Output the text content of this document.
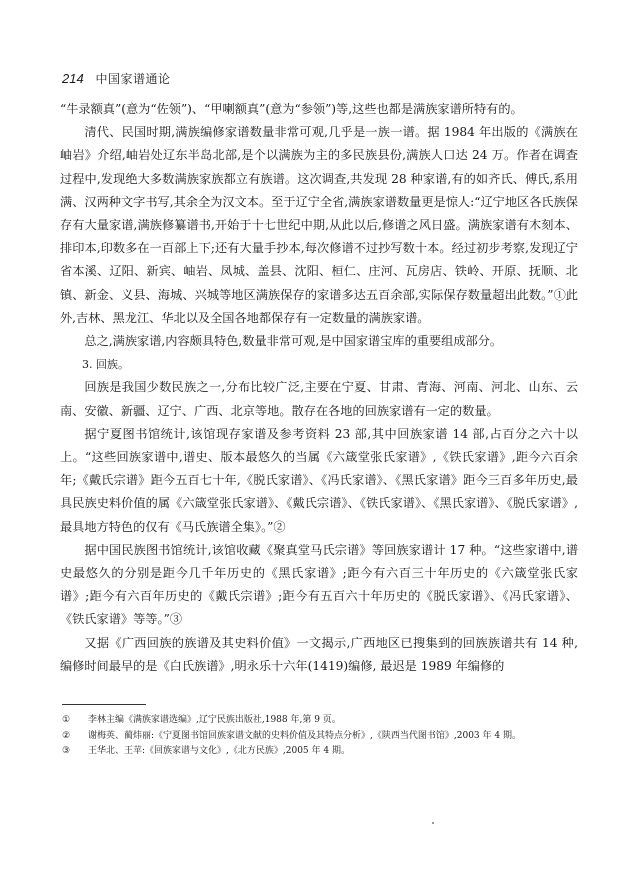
214 中国家谱通论

“牛录额真”(意为“佐领”)、“甲喇额真”(意为“参领”)等,这些也都是满族家谱所特有的。

清代、民国时期,满族编修家谱数量非常可观,几乎是一族一谱。据 1984 年出版的《满族在岫岩》介绍,岫岩处辽东半岛北部,是个以满族为主的多民族县份,满族人口达 24 万。作者在调查过程中,发现绝大多数满族家族都立有族谱。这次调查,共发现 28 种家谱,有的如齐氏、傅氏,系用满、汉两种文字书写,其余全为汉文本。至于辽宁全省,满族家谱数量更是惊人:“辽宁地区各氏族保存有大量家谱,满族修纂谱书,开始于十七世纪中期,从此以后,修谱之风日盛。满族家谱有木刻本、排印本,印数多在一百部上下;还有大量手抄本,每次修谱不过抄写数十本。经过初步考察,发现辽宁省本溪、辽阳、新宾、岫岩、凤城、盖县、沈阳、桓仁、庄河、瓦房店、铁岭、开原、抚顺、北镇、新金、义县、海城、兴城等地区满族保存的家谱多达五百余部,实际保存数量超出此数。”①此外,吉林、黑龙江、华北以及全国各地都保存有一定数量的满族家谱。

总之,满族家谱,内容颇具特色,数量非常可观,是中国家谱宝库的重要组成部分。

3. 回族。

回族是我国少数民族之一,分布比较广泛,主要在宁夏、甘肃、青海、河南、河北、山东、云南、安徽、新疆、辽宁、广西、北京等地。散存在各地的回族家谱有一定的数量。

据宁夏图书馆统计,该馆现存家谱及参考资料 23 部,其中回族家谱 14 部,占百分之六十以上。“这些回族家谱中,谱史、版本最悠久的当属《六箴堂张氏家谱》,《铁氏家谱》,距今六百余年;《戴氏宗谱》距今五百七十年,《脱氏家谱》、《冯氏家谱》、《黑氏家谱》距今三百多年历史,最具民族史料价值的属《六箴堂张氏家谱》、《戴氏宗谱》、《铁氏家谱》、《黑氏家谱》、《脱氏家谱》,最具地方特色的仅有《马氏族谱全集》。”②

据中国民族图书馆统计,该馆收藏《聚真堂马氏宗谱》等回族家谱计 17 种。“这些家谱中,谱史最悠久的分别是距今几千年历史的《黑氏家谱》;距今有六百三十年历史的《六箴堂张氏家谱》;距今有六百年历史的《戴氏宗谱》;距今有五百六十年历史的《脱氏家谱》、《冯氏家谱》、《铁氏家谱》等等。”③

又据《广西回族的族谱及其史料价值》一文揭示,广西地区已搜集到的回族族谱共有 14 种,编修时间最早的是《白氏族谱》,明永乐十六年(1419)编修, 最迟是 1989 年编修的

①	李林主编《满族家谱选编》,辽宁民族出版社,1988 年,第 9 页。
②	谢梅英、蔺炜丽:《宁夏图书馆回族家谱文献的史料价值及其特点分析》,《陕西当代图书馆》,2003 年 4 期。
③	王华北、王苹:《回族家谱与文化》,《北方民族》,2005 年 4 期。
